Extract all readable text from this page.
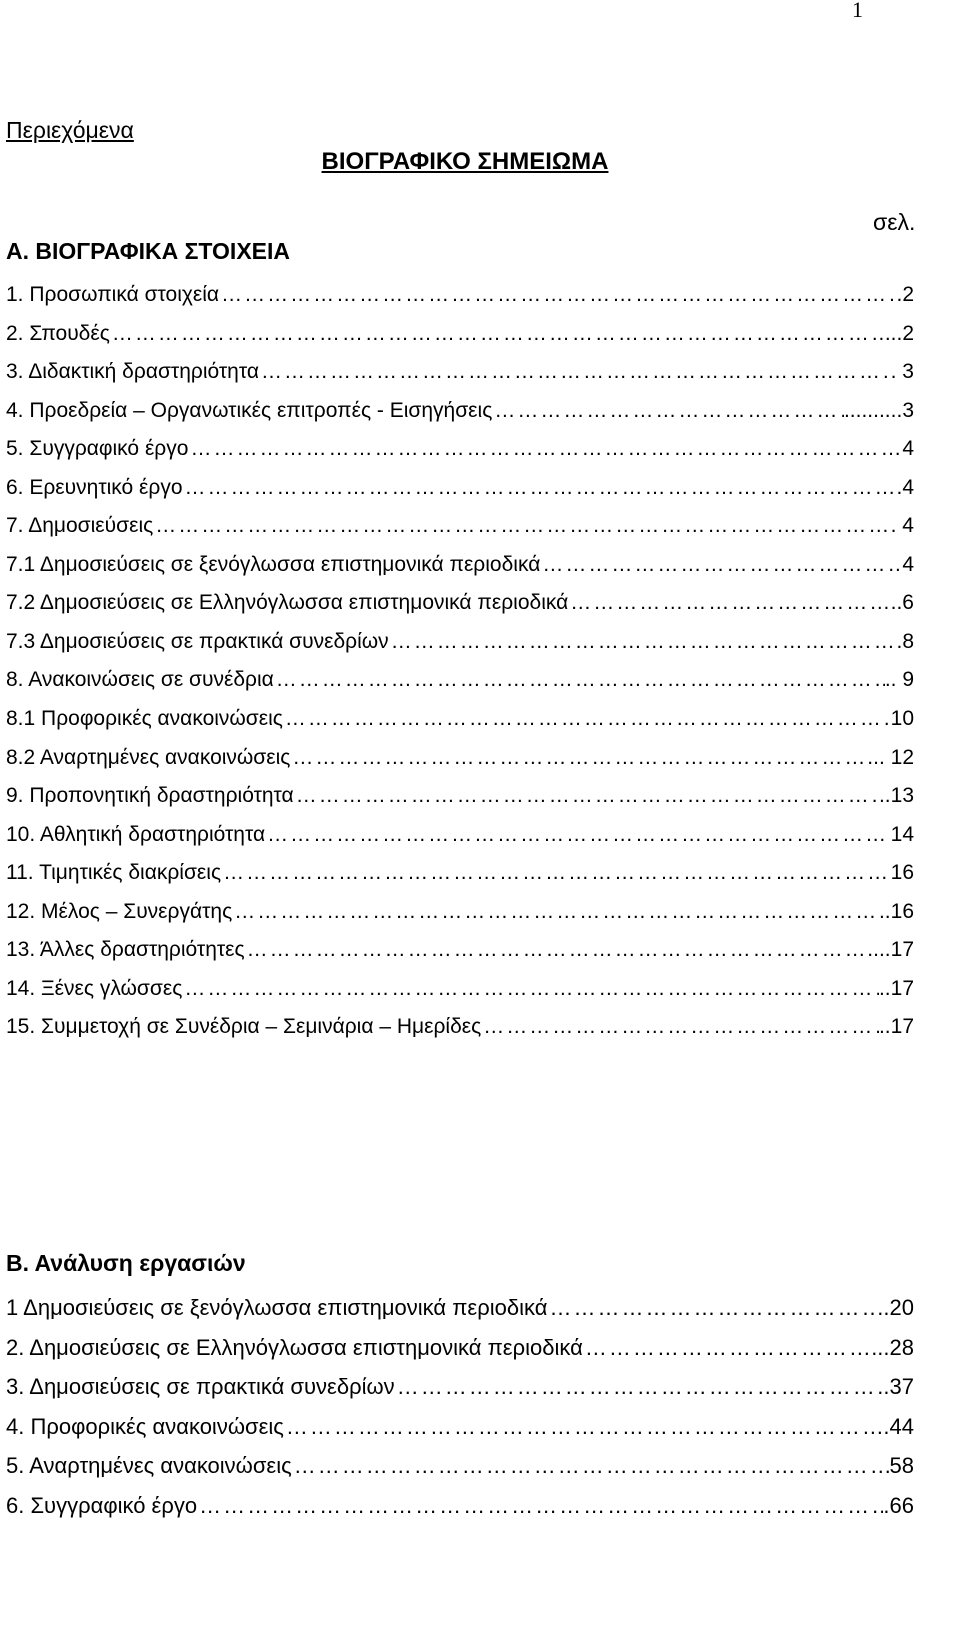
1
Περιεχόμενα
ΒΙΟΓΡΑΦΙΚΟ ΣΗΜΕΙΩΜΑ
σελ.
Α. ΒΙΟΓΡΑΦΙΚΑ ΣΤΟΙΧΕΙΑ
1. Προσωπικά στοιχεία …………………………………………………………………………………………………………	.2
2. Σπουδές …………………………………………………………………………………………………………	...2
3. Διδακτική δραστηριότητα …………………………………………………………………………………………………………	. 3
4. Προεδρεία – Οργανωτικές επιτροπές - Εισηγήσεις …………………………………………………………………………………………………………	..........3
5. Συγγραφικό έργο …………………………………………………………………………………………………………	4
6. Ερευνητικό έργο …………………………………………………………………………………………………………	.4
7. Δημοσιεύσεις …………………………………………………………………………………………………………	. 4
7.1 Δημοσιεύσεις σε ξενόγλωσσα επιστημονικά περιοδικά …………………………………………………………………………………………………………	4
7.2 Δημοσιεύσεις σε Ελληνόγλωσσα επιστημονικά περιοδικά …………………………………………………………………………………………………………	..6
7.3 Δημοσιεύσεις σε πρακτικά συνεδρίων …………………………………………………………………………………………………………	.8
8. Ανακοινώσεις σε συνέδρια …………………………………………………………………………………………………………	.. 9
8.1 Προφορικές ανακοινώσεις …………………………………………………………………………………………………………	10
8.2 Αναρτημένες ανακοινώσεις …………………………………………………………………………………………………………	... 12
9. Προπονητική δραστηριότητα …………………………………………………………………………………………………………	..13
10. Αθλητική δραστηριότητα …………………………………………………………………………………………………………	14
11. Τιμητικές διακρίσεις …………………………………………………………………………………………………………	16
12. Μέλος – Συνεργάτης …………………………………………………………………………………………………………	..16
13. Άλλες δραστηριότητες …………………………………………………………………………………………………………	....17
14. Ξένες γλώσσες …………………………………………………………………………………………………………	..17
15. Συμμετοχή σε Συνέδρια – Σεμινάρια – Ημερίδες …………………………………………………………………………………………………………	..17
Β. Ανάλυση εργασιών
1 Δημοσιεύσεις σε ξενόγλωσσα επιστημονικά περιοδικά …………………………………………………………………………………………………………	..20
2. Δημοσιεύσεις σε Ελληνόγλωσσα επιστημονικά περιοδικά …………………………………………………………………………………………………………	...28
3. Δημοσιεύσεις σε πρακτικά συνεδρίων …………………………………………………………………………………………………………	..37
4. Προφορικές ανακοινώσεις …………………………………………………………………………………………………………	.44
5. Αναρτημένες ανακοινώσεις …………………………………………………………………………………………………………	58
6. Συγγραφικό έργο …………………………………………………………………………………………………………	.66
